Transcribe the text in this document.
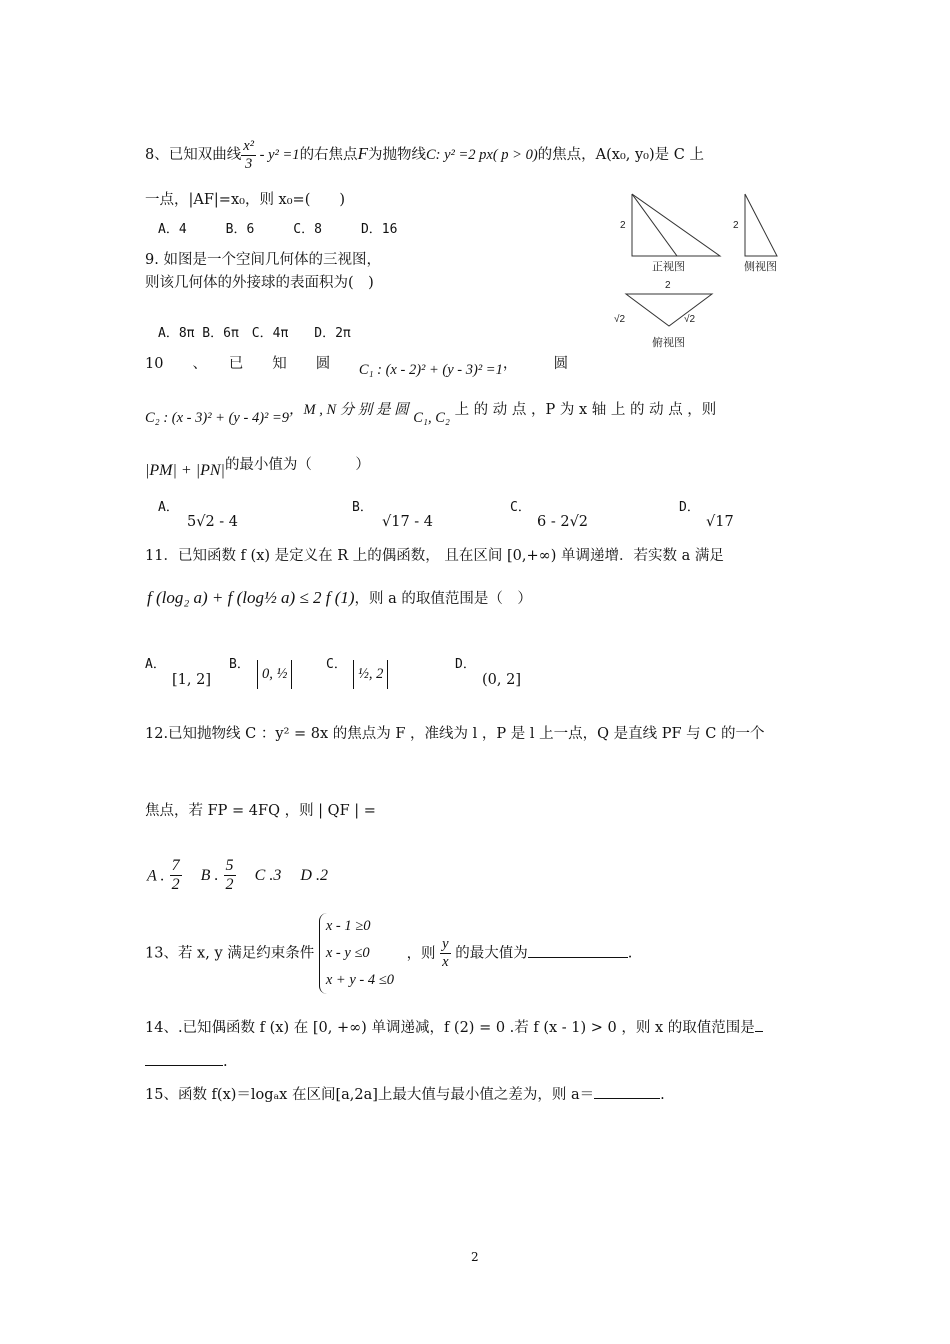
8、已知双曲线 $\frac{\text{x²}}{3} - y^2 =1$的右焦点F为抛物线C: y² =2 px( p > 0)的焦点，A(x₀, y₀)是 C 上
一点，|AF|=x₀，则 x₀=(　　)
A．4　　　B．6　　　C．8　　　D．16
9. 如图是一个空间几何体的三视图，
则该几何体的外接球的表面积为(　)
A．8π B．6π　C．4π　　D．2π
2
正视图
2
侧视图
2
√2	√2
俯视图
10　　、　　已　　知　　圆 C₁ : (x - 2)² + (y - 3)² =1，　　　圆
C₂ : (x - 3)² + (y - 4)² =9，M , N 分 别 是 圆 C₁, C₂ 上 的 动 点 ，P 为 x 轴 上 的 动 点 ，则
|PM| + |PN|的最小值为（　　　）
A．
5√2 - 4
B．
√17 - 4
C．
6 - 2√2
D．
√17
11．已知函数 f (x) 是定义在 R 上的偶函数， 且在区间 [0,+∞) 单调递增．若实数 a 满足
f (log₂ a) + f (log½ a) ≤ 2 f (1)，则 a 的取值范围是（　）
A．
[1, 2]
B．
0, ½
C．
½, 2
D．
(0, 2]
12.已知抛物线 C ：y² = 8x 的焦点为 F ，准线为 l ，P 是 l 上一点，Q 是直线 PF 与 C 的一个
焦点，若 FP = 4FQ ，则 | QF | =
A . $\frac{7}{2}$ B . $\frac{5}{2}$ C .3 D .2
13、若 x, y 满足约束条件
x - 1 ≥0
x - y ≤0
x + y - 4 ≤0
，则 $\frac{y}{x}$ 的最大值为	.
14、.已知偶函数 f (x) 在 [0, +∞) 单调递减，f (2) = 0 .若 f (x - 1) > 0 ，则 x 的取值范围是
.
15、函数 f(x)＝logₐx 在区间[a,2a]上最大值与最小值之差为，则 a＝	.
2
